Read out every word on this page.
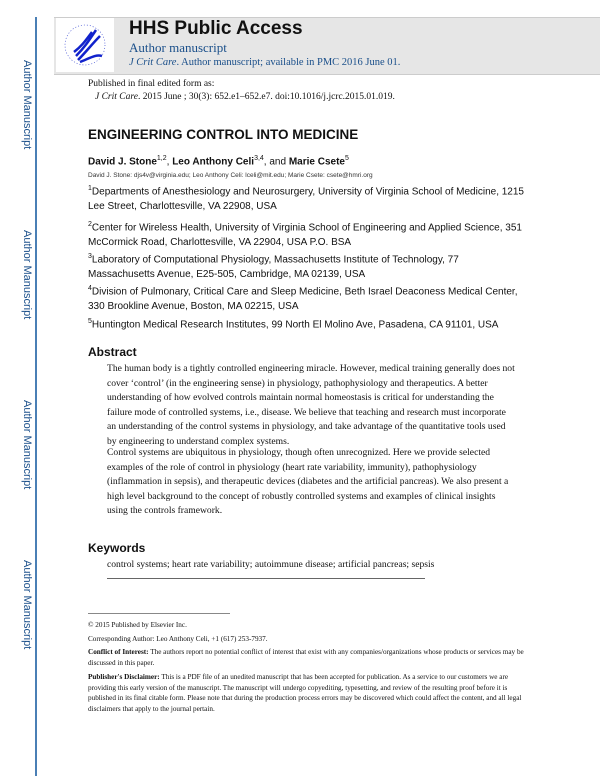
Author Manuscript
Author Manuscript
Author Manuscript
Author Manuscript
HHS Public Access
Author manuscript
J Crit Care. Author manuscript; available in PMC 2016 June 01.
Published in final edited form as:
J Crit Care. 2015 June ; 30(3): 652.e1–652.e7. doi:10.1016/j.jcrc.2015.01.019.
ENGINEERING CONTROL INTO MEDICINE
David J. Stone$^{1,2}$, Leo Anthony Celi$^{3,4}$, and Marie Csete$^5$
David J. Stone: djs4v@virginia.edu; Leo Anthony Celi: lceli@mit.edu; Marie Csete: csete@hmri.org
$^1$Departments of Anesthesiology and Neurosurgery, University of Virginia School of Medicine, 1215 Lee Street, Charlottesville, VA 22908, USA
$^2$Center for Wireless Health, University of Virginia School of Engineering and Applied Science, 351 McCormick Road, Charlottesville, VA 22904, USA P.O. BSA
$^3$Laboratory of Computational Physiology, Massachusetts Institute of Technology, 77 Massachusetts Avenue, E25-505, Cambridge, MA 02139, USA
$^4$Division of Pulmonary, Critical Care and Sleep Medicine, Beth Israel Deaconess Medical Center, 330 Brookline Avenue, Boston, MA 02215, USA
$^5$Huntington Medical Research Institutes, 99 North El Molino Ave, Pasadena, CA 91101, USA
Abstract
The human body is a tightly controlled engineering miracle. However, medical training generally does not cover ‘control’ (in the engineering sense) in physiology, pathophysiology and therapeutics. A better understanding of how evolved controls maintain normal homeostasis is critical for understanding the failure mode of controlled systems, i.e., disease. We believe that teaching and research must incorporate an understanding of the control systems in physiology, and take advantage of the quantitative tools used by engineering to understand complex systems.
Control systems are ubiquitous in physiology, though often unrecognized. Here we provide selected examples of the role of control in physiology (heart rate variability, immunity), pathophysiology (inflammation in sepsis), and therapeutic devices (diabetes and the artificial pancreas). We also present a high level background to the concept of robustly controlled systems and examples of clinical insights using the controls framework.
Keywords
control systems; heart rate variability; autoimmune disease; artificial pancreas; sepsis
© 2015 Published by Elsevier Inc.
Corresponding Author: Leo Anthony Celi, +1 (617) 253-7937.
Conflict of Interest: The authors report no potential conflict of interest that exist with any companies/organizations whose products or services may be discussed in this paper.
Publisher's Disclaimer: This is a PDF file of an unedited manuscript that has been accepted for publication. As a service to our customers we are providing this early version of the manuscript. The manuscript will undergo copyediting, typesetting, and review of the resulting proof before it is published in its final citable form. Please note that during the production process errors may be discovered which could affect the content, and all legal disclaimers that apply to the journal pertain.
